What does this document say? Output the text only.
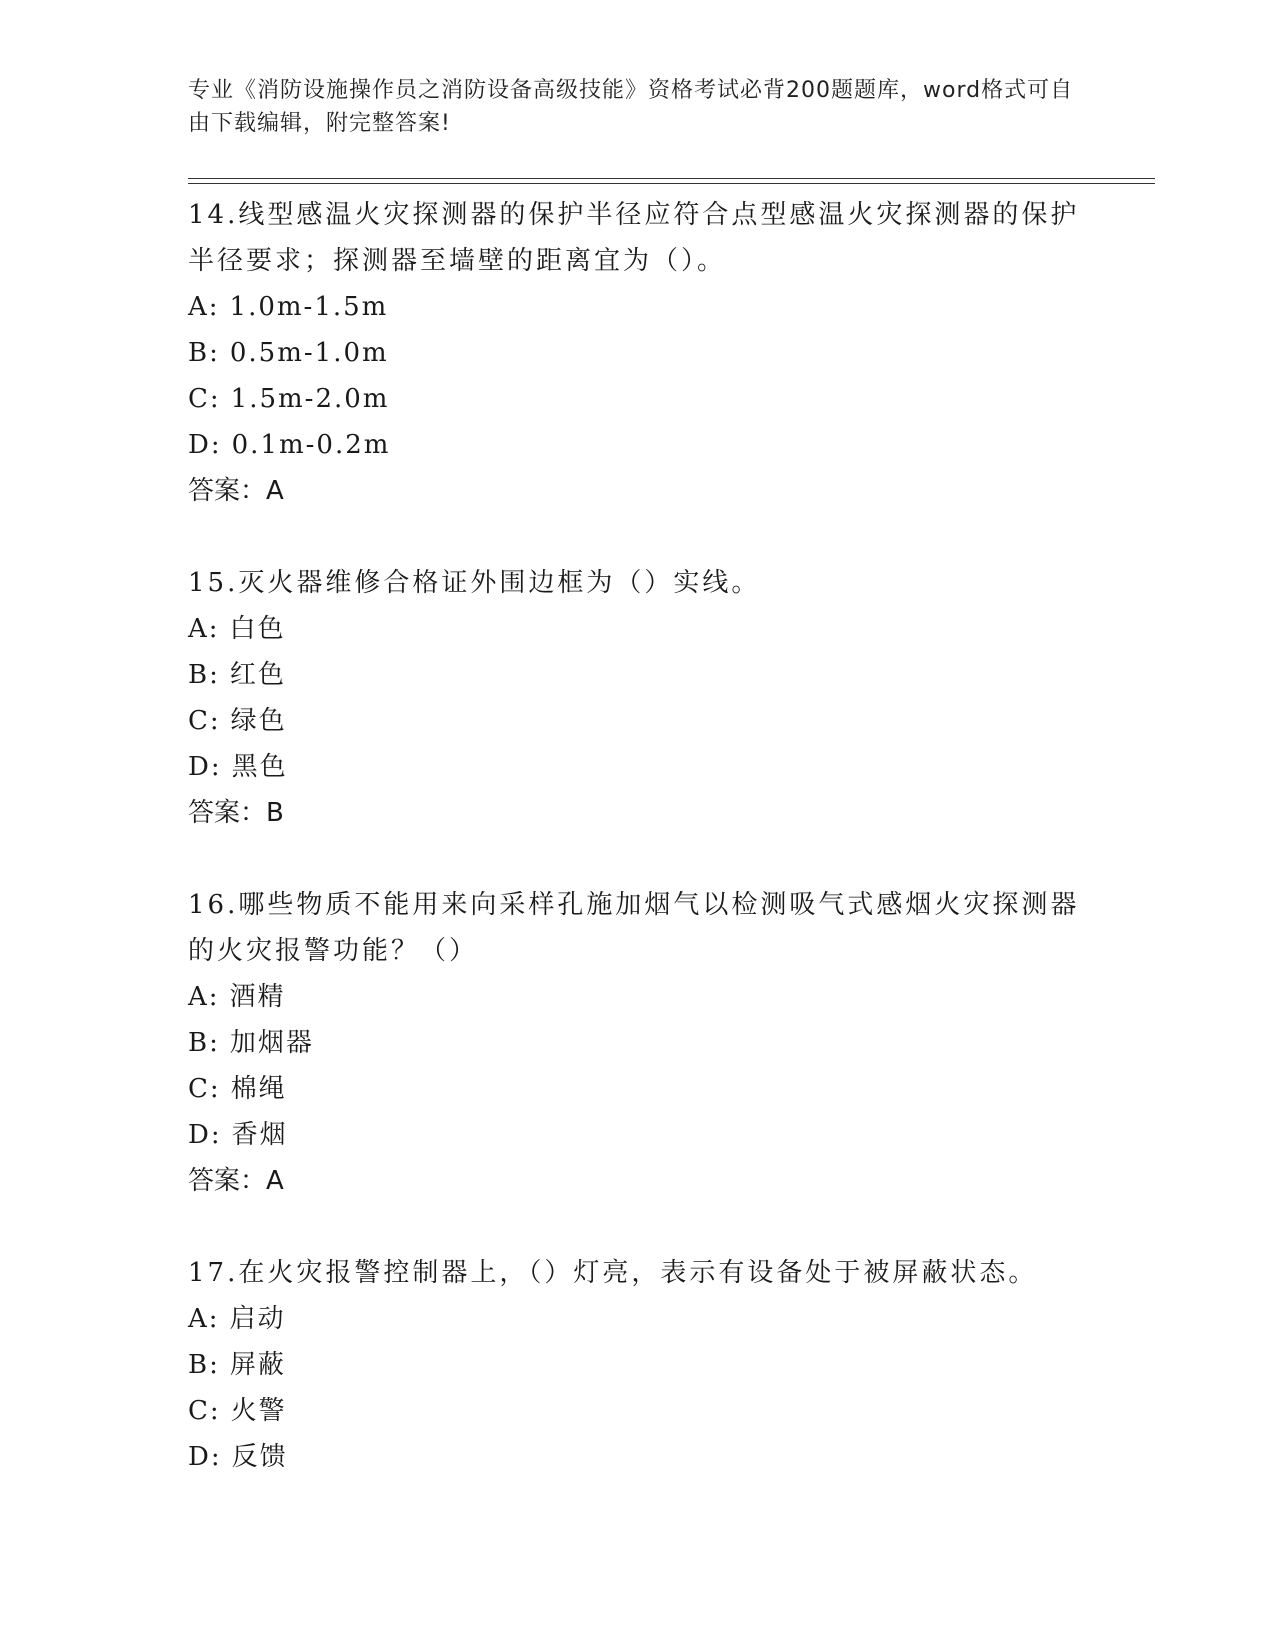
专业《消防设施操作员之消防设备高级技能》资格考试必背200题题库，word格式可自由下载编辑，附完整答案!

14.线型感温火灾探测器的保护半径应符合点型感温火灾探测器的保护半径要求；探测器至墙壁的距离宜为（）。

A: 1.0m-1.5m

B: 0.5m-1.0m

C: 1.5m-2.0m

D: 0.1m-0.2m

答案：A

15.灭火器维修合格证外围边框为（）实线。

A: 白色

B: 红色

C: 绿色

D: 黑色

答案：B

16.哪些物质不能用来向采样孔施加烟气以检测吸气式感烟火灾探测器的火灾报警功能？（）

A: 酒精

B: 加烟器

C: 棉绳

D: 香烟

答案：A

17.在火灾报警控制器上，（）灯亮，表示有设备处于被屏蔽状态。

A: 启动

B: 屏蔽

C: 火警

D: 反馈
